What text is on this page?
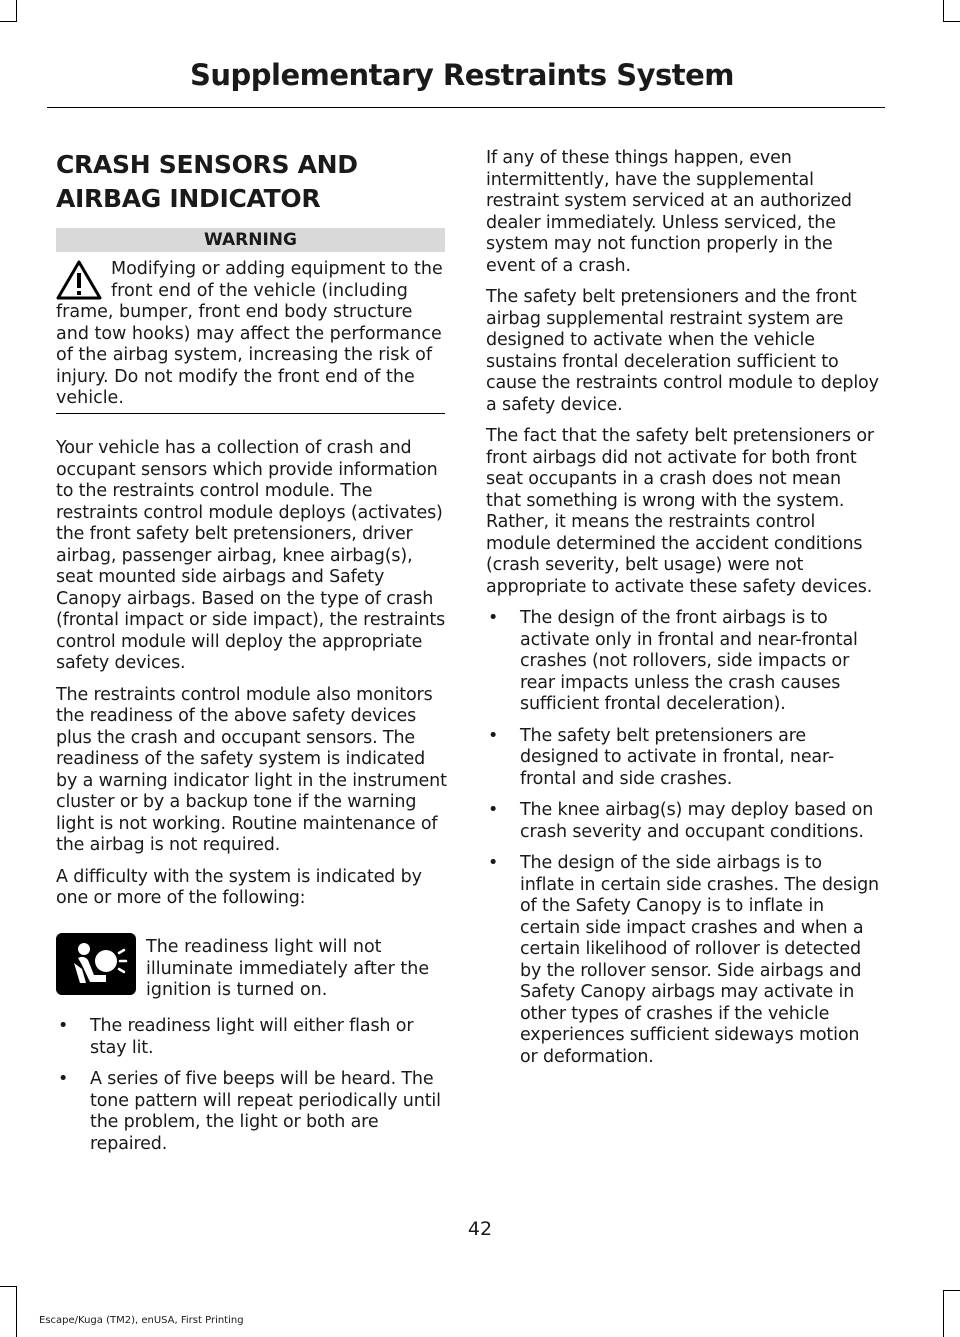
Supplementary Restraints System
CRASH SENSORS AND
AIRBAG INDICATOR
WARNING
Modifying or adding equipment to the front end of the vehicle (including frame, bumper, front end body structure and tow hooks) may affect the performance of the airbag system, increasing the risk of injury. Do not modify the front end of the vehicle.

Your vehicle has a collection of crash and occupant sensors which provide information to the restraints control module. The restraints control module deploys (activates) the front safety belt pretensioners, driver airbag, passenger airbag, knee airbag(s), seat mounted side airbags and Safety Canopy airbags. Based on the type of crash (frontal impact or side impact), the restraints control module will deploy the appropriate safety devices.

The restraints control module also monitors the readiness of the above safety devices plus the crash and occupant sensors. The readiness of the safety system is indicated by a warning indicator light in the instrument cluster or by a backup tone if the warning light is not working. Routine maintenance of the airbag is not required.

A difficulty with the system is indicated by one or more of the following:

The readiness light will not illuminate immediately after the ignition is turned on.

• The readiness light will either flash or stay lit.
• A series of five beeps will be heard. The tone pattern will repeat periodically until the problem, the light or both are repaired.

If any of these things happen, even intermittently, have the supplemental restraint system serviced at an authorized dealer immediately. Unless serviced, the system may not function properly in the event of a crash.

The safety belt pretensioners and the front airbag supplemental restraint system are designed to activate when the vehicle sustains frontal deceleration sufficient to cause the restraints control module to deploy a safety device.

The fact that the safety belt pretensioners or front airbags did not activate for both front seat occupants in a crash does not mean that something is wrong with the system. Rather, it means the restraints control module determined the accident conditions (crash severity, belt usage) were not appropriate to activate these safety devices.

• The design of the front airbags is to activate only in frontal and near-frontal crashes (not rollovers, side impacts or rear impacts unless the crash causes sufficient frontal deceleration).
• The safety belt pretensioners are designed to activate in frontal, near-frontal and side crashes.
• The knee airbag(s) may deploy based on crash severity and occupant conditions.
• The design of the side airbags is to inflate in certain side crashes. The design of the Safety Canopy is to inflate in certain side impact crashes and when a certain likelihood of rollover is detected by the rollover sensor. Side airbags and Safety Canopy airbags may activate in other types of crashes if the vehicle experiences sufficient sideways motion or deformation.
42
Escape/Kuga (TM2), enUSA, First Printing
